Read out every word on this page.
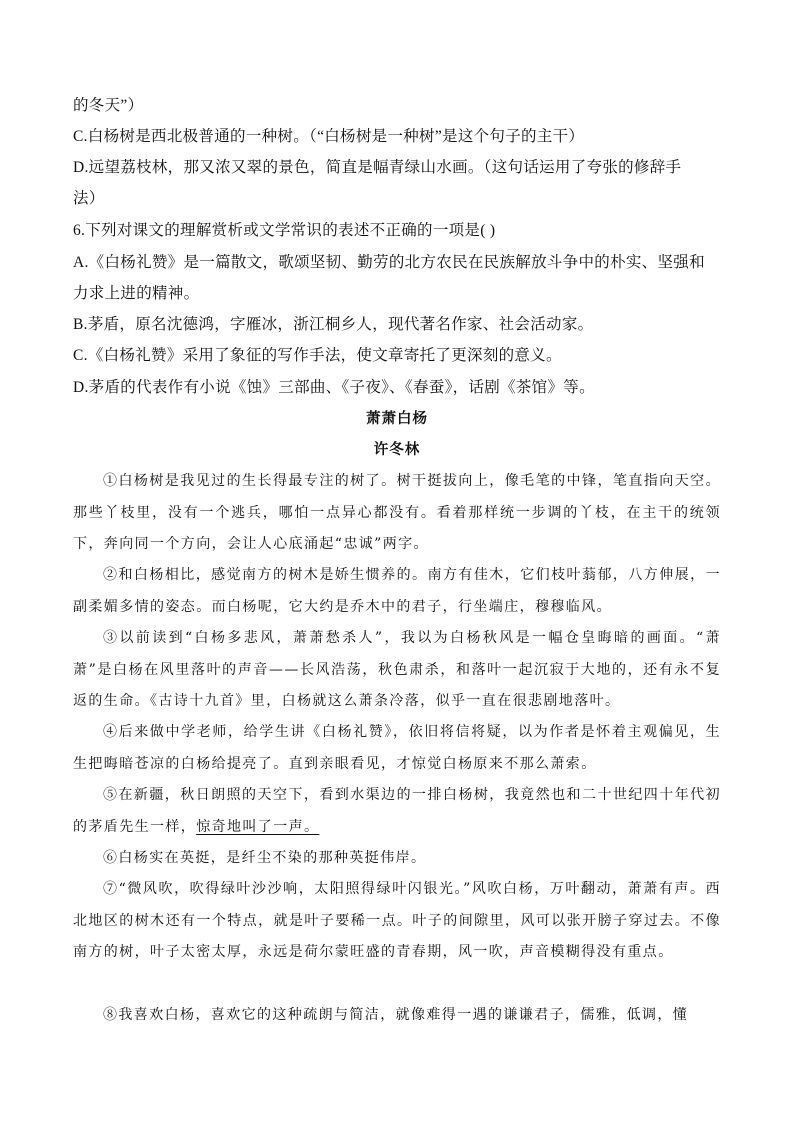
的冬天”）
C.白杨树是西北极普通的一种树。（“白杨树是一种树”是这个句子的主干）
D.远望荔枝林，那又浓又翠的景色，简直是幅青绿山水画。（这句话运用了夸张的修辞手
法）
6.下列对课文的理解赏析或文学常识的表述不正确的一项是( )
A.《白杨礼赞》是一篇散文，歌颂坚韧、勤劳的北方农民在民族解放斗争中的朴实、坚强和
力求上进的精神。
B.茅盾，原名沈德鸿，字雁冰，浙江桐乡人，现代著名作家、社会活动家。
C.《白杨礼赞》采用了象征的写作手法，使文章寄托了更深刻的意义。
D.茅盾的代表作有小说《蚀》三部曲、《子夜》、《春蚕》，话剧《茶馆》等。
萧萧白杨
许冬林
①白杨树是我见过的生长得最专注的树了。树干挺拔向上，像毛笔的中锋，笔直指向天空。那些丫枝里，没有一个逃兵，哪怕一点异心都没有。看着那样统一步调的丫枝，在主干的统领下，奔向同一个方向，会让人心底涌起“忠诚”两字。
②和白杨相比，感觉南方的树木是娇生惯养的。南方有佳木，它们枝叶蓊郁，八方伸展，一副柔媚多情的姿态。而白杨呢，它大约是乔木中的君子，行坐端庄，穆穆临风。
③以前读到“白杨多悲风，萧萧愁杀人”，我以为白杨秋风是一幅仓皇晦暗的画面。“萧萧”是白杨在风里落叶的声音——长风浩荡，秋色肃杀，和落叶一起沉寂于大地的，还有永不复返的生命。《古诗十九首》里，白杨就这么萧条冷落，似乎一直在很悲剧地落叶。
④后来做中学老师，给学生讲《白杨礼赞》，依旧将信将疑，以为作者是怀着主观偏见，生生把晦暗苍凉的白杨给提亮了。直到亲眼看见，才惊觉白杨原来不那么萧索。
⑤在新疆，秋日朗照的天空下，看到水渠边的一排白杨树，我竟然也和二十世纪四十年代初的茅盾先生一样，惊奇地叫了一声。
⑥白杨实在英挺，是纤尘不染的那种英挺伟岸。
⑦“微风吹，吹得绿叶沙沙响，太阳照得绿叶闪银光。”风吹白杨，万叶翻动，萧萧有声。西北地区的树木还有一个特点，就是叶子要稀一点。叶子的间隙里，风可以张开膀子穿过去。不像南方的树，叶子太密太厚，永远是荷尔蒙旺盛的青春期，风一吹，声音模糊得没有重点。
⑧我喜欢白杨，喜欢它的这种疏朗与简洁，就像难得一遇的谦谦君子，儒雅，低调，懂
